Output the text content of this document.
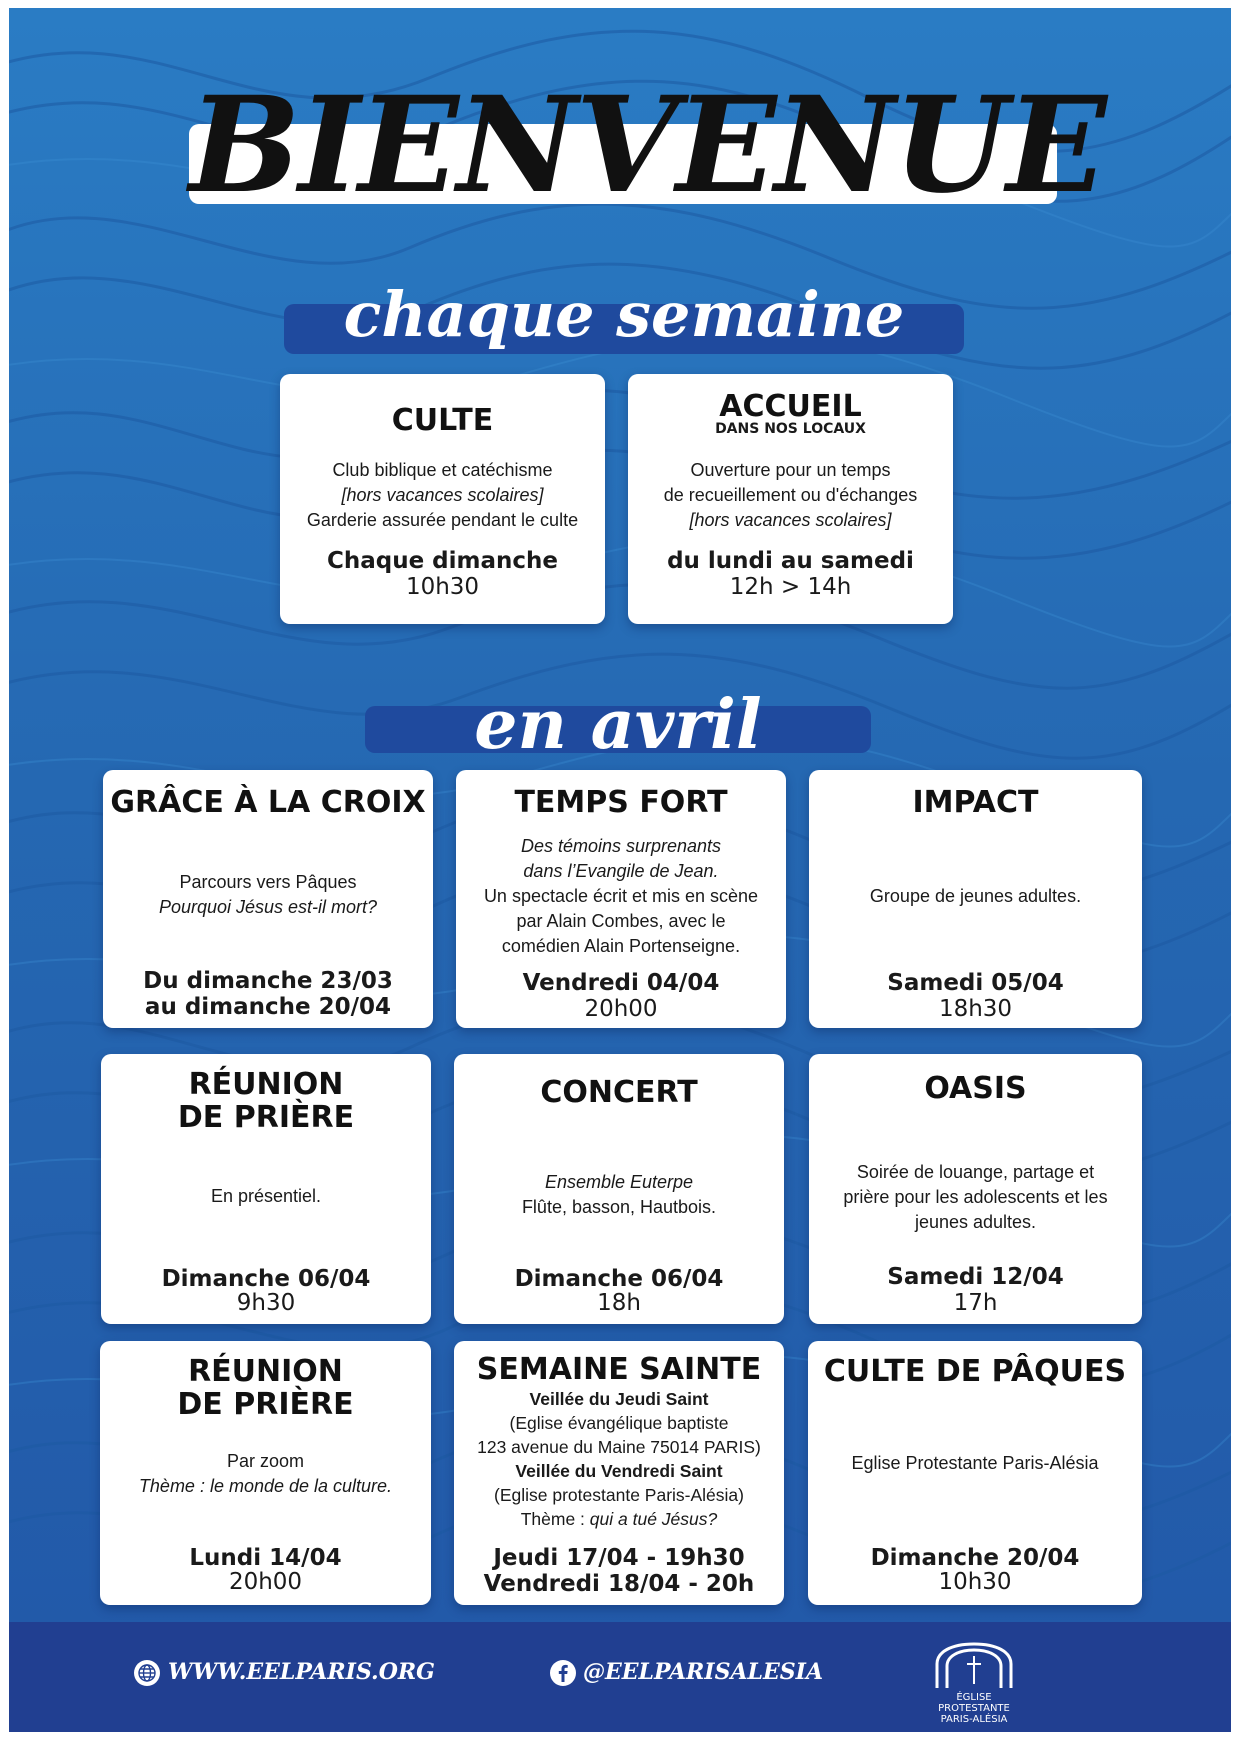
BIENVENUE
chaque semaine
CULTE
Club biblique et catéchisme
[hors vacances scolaires]
Garderie assurée pendant le culte
Chaque dimanche
10h30
ACCUEIL
DANS NOS LOCAUX
Ouverture pour un temps
de recueillement ou d'échanges
[hors vacances scolaires]
du lundi au samedi
12h > 14h
en avril
GRÂCE À LA CROIX
Parcours vers Pâques
Pourquoi Jésus est-il mort?
Du dimanche 23/03
au dimanche 20/04
TEMPS FORT
Des témoins surprenants
dans l’Evangile de Jean.
Un spectacle écrit et mis en scène
par Alain Combes, avec le
comédien Alain Portenseigne.
Vendredi 04/04
20h00
IMPACT
Groupe de jeunes adultes.
Samedi 05/04
18h30
RÉUNION
DE PRIÈRE
En présentiel.
Dimanche 06/04
9h30
CONCERT
Ensemble Euterpe
Flûte, basson, Hautbois.
Dimanche 06/04
18h
OASIS
Soirée de louange, partage et
prière pour les adolescents et les
jeunes adultes.
Samedi 12/04
17h
RÉUNION
DE PRIÈRE
Par zoom
Thème : le monde de la culture.
Lundi 14/04
20h00
SEMAINE SAINTE
Veillée du Jeudi Saint
(Eglise évangélique baptiste
123 avenue du Maine 75014 PARIS)
Veillée du Vendredi Saint
(Eglise protestante Paris-Alésia)
Thème : qui a tué Jésus?
Jeudi 17/04 - 19h30
Vendredi 18/04 - 20h
CULTE DE PÂQUES
Eglise Protestante Paris-Alésia
Dimanche 20/04
10h30
WWW.EELPARIS.ORG	@EELPARISALESIA
ÉGLISE
PROTESTANTE
PARIS-ALÉSIA
